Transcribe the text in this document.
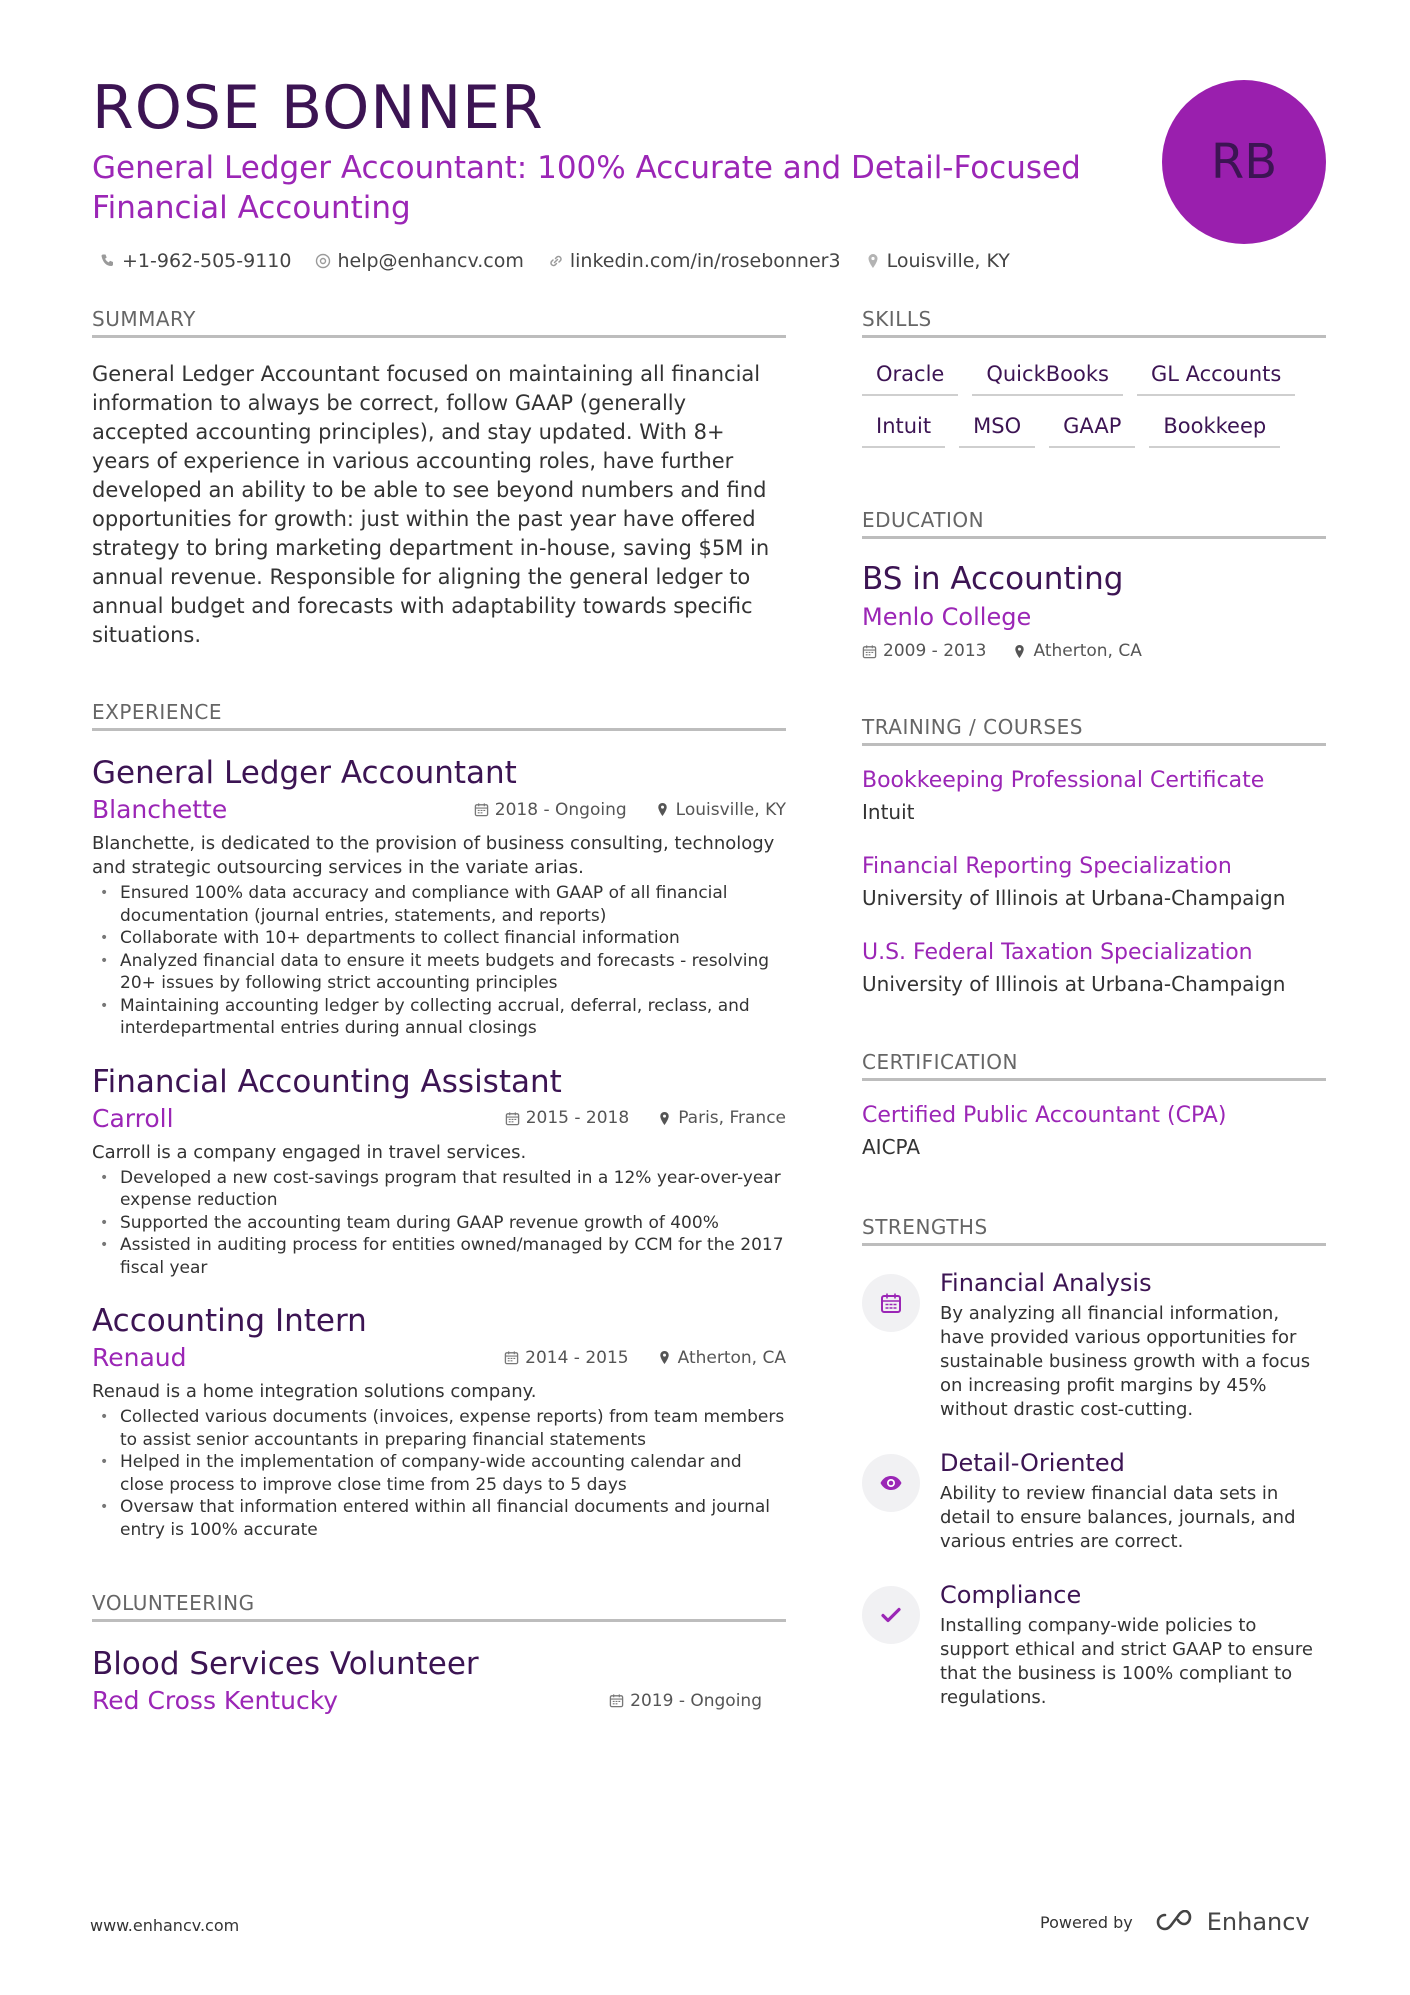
ROSE BONNER
General Ledger Accountant: 100% Accurate and Detail-Focused Financial Accounting
+1-962-505-9110 help@enhancv.com linkedin.com/in/rosebonner3 Louisville, KY
RB
SUMMARY

General Ledger Accountant focused on maintaining all financial information to always be correct, follow GAAP (generally accepted accounting principles), and stay updated. With 8+ years of experience in various accounting roles, have further developed an ability to be able to see beyond numbers and find opportunities for growth: just within the past year have offered strategy to bring marketing department in-house, saving $5M in annual revenue. Responsible for aligning the general ledger to annual budget and forecasts with adaptability towards specific situations.

EXPERIENCE
General Ledger Accountant
Blanchette	2018 - Ongoing	Louisville, KY

Blanchette, is dedicated to the provision of business consulting, technology and strategic outsourcing services in the variate arias.

• Ensured 100% data accuracy and compliance with GAAP of all financial documentation (journal entries, statements, and reports)
• Collaborate with 10+ departments to collect financial information
• Analyzed financial data to ensure it meets budgets and forecasts - resolving 20+ issues by following strict accounting principles
• Maintaining accounting ledger by collecting accrual, deferral, reclass, and interdepartmental entries during annual closings
Financial Accounting Assistant
Carroll	2015 - 2018	Paris, France

Carroll is a company engaged in travel services.

• Developed a new cost-savings program that resulted in a 12% year-over-year expense reduction
• Supported the accounting team during GAAP revenue growth of 400%
• Assisted in auditing process for entities owned/managed by CCM for the 2017 fiscal year
Accounting Intern
Renaud	2014 - 2015	Atherton, CA

Renaud is a home integration solutions company.

• Collected various documents (invoices, expense reports) from team members to assist senior accountants in preparing financial statements
• Helped in the implementation of company-wide accounting calendar and close process to improve close time from 25 days to 5 days
• Oversaw that information entered within all financial documents and journal entry is 100% accurate
VOLUNTEERING
Blood Services Volunteer
Red Cross Kentucky	2019 - Ongoing
SKILLS
Oracle	QuickBooks	GL Accounts
Intuit	MSO	GAAP	Bookkeep
EDUCATION
BS in Accounting
Menlo College
2009 - 2013	Atherton, CA
TRAINING / COURSES
Bookkeeping Professional Certificate
Intuit
Financial Reporting Specialization
University of Illinois at Urbana-Champaign
U.S. Federal Taxation Specialization
University of Illinois at Urbana-Champaign
CERTIFICATION
Certified Public Accountant (CPA)
AICPA
STRENGTHS
Financial Analysis
By analyzing all financial information, have provided various opportunities for sustainable business growth with a focus on increasing profit margins by 45% without drastic cost-cutting.
Detail-Oriented
Ability to review financial data sets in detail to ensure balances, journals, and various entries are correct.
Compliance
Installing company-wide policies to support ethical and strict GAAP to ensure that the business is 100% compliant to regulations.
www.enhancv.com	Powered by	Enhancv
